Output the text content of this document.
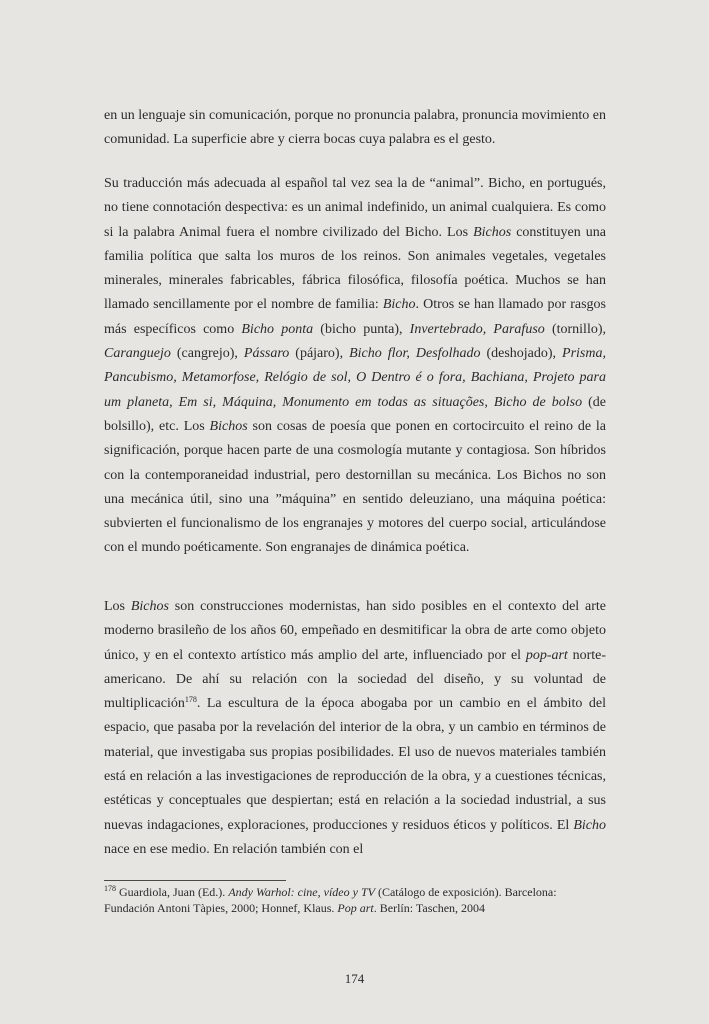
en un lenguaje sin comunicación, porque no pronuncia palabra, pronuncia movimiento en comunidad. La superficie abre y cierra bocas cuya palabra es el gesto.

Su traducción más adecuada al español tal vez sea la de “animal”. Bicho, en portugués, no tiene connotación despectiva: es un animal indefinido, un animal cualquiera. Es como si la palabra Animal fuera el nombre civilizado del Bicho. Los Bichos constituyen una familia política que salta los muros de los reinos. Son animales vegetales, vegetales minerales, minerales fabricables, fábrica filosófica, filosofía poética. Muchos se han llamado sencillamente por el nombre de familia: Bicho. Otros se han llamado por rasgos más específicos como Bicho ponta (bicho punta), Invertebrado, Parafuso (tornillo), Caranguejo (cangrejo), Pássaro (pájaro), Bicho flor, Desfolhado (deshojado), Prisma, Pancubismo, Metamorfose, Relógio de sol, O Dentro é o fora, Bachiana, Projeto para um planeta, Em si, Máquina, Monumento em todas as situações, Bicho de bolso (de bolsillo), etc. Los Bichos son cosas de poesía que ponen en cortocircuito el reino de la significación, porque hacen parte de una cosmología mutante y contagiosa. Son híbridos con la contemporaneidad industrial, pero destornillan su mecánica. Los Bichos no son una mecánica útil, sino una ”máquina” en sentido deleuziano, una máquina poética: subvierten el funcionalismo de los engranajes y motores del cuerpo social, articulándose con el mundo poéticamente. Son engranajes de dinámica poética.

Los Bichos son construcciones modernistas, han sido posibles en el contexto del arte moderno brasileño de los años 60, empeñado en desmitificar la obra de arte como objeto único, y en el contexto artístico más amplio del arte, influenciado por el pop-art norte-americano. De ahí su relación con la sociedad del diseño, y su voluntad de multiplicación$^{178}$. La escultura de la época abogaba por un cambio en el ámbito del espacio, que pasaba por la revelación del interior de la obra, y un cambio en términos de material, que investigaba sus propias posibilidades. El uso de nuevos materiales también está en relación a las investigaciones de reproducción de la obra, y a cuestiones técnicas, estéticas y conceptuales que despiertan; está en relación a la sociedad industrial, a sus nuevas indagaciones, exploraciones, producciones y residuos éticos y políticos. El Bicho nace en ese medio. En relación también con el

$^{178}$ Guardiola, Juan (Ed.). Andy Warhol: cine, vídeo y TV (Catálogo de exposición). Barcelona: Fundación Antoni Tàpies, 2000; Honnef, Klaus. Pop art. Berlín: Taschen, 2004

174
